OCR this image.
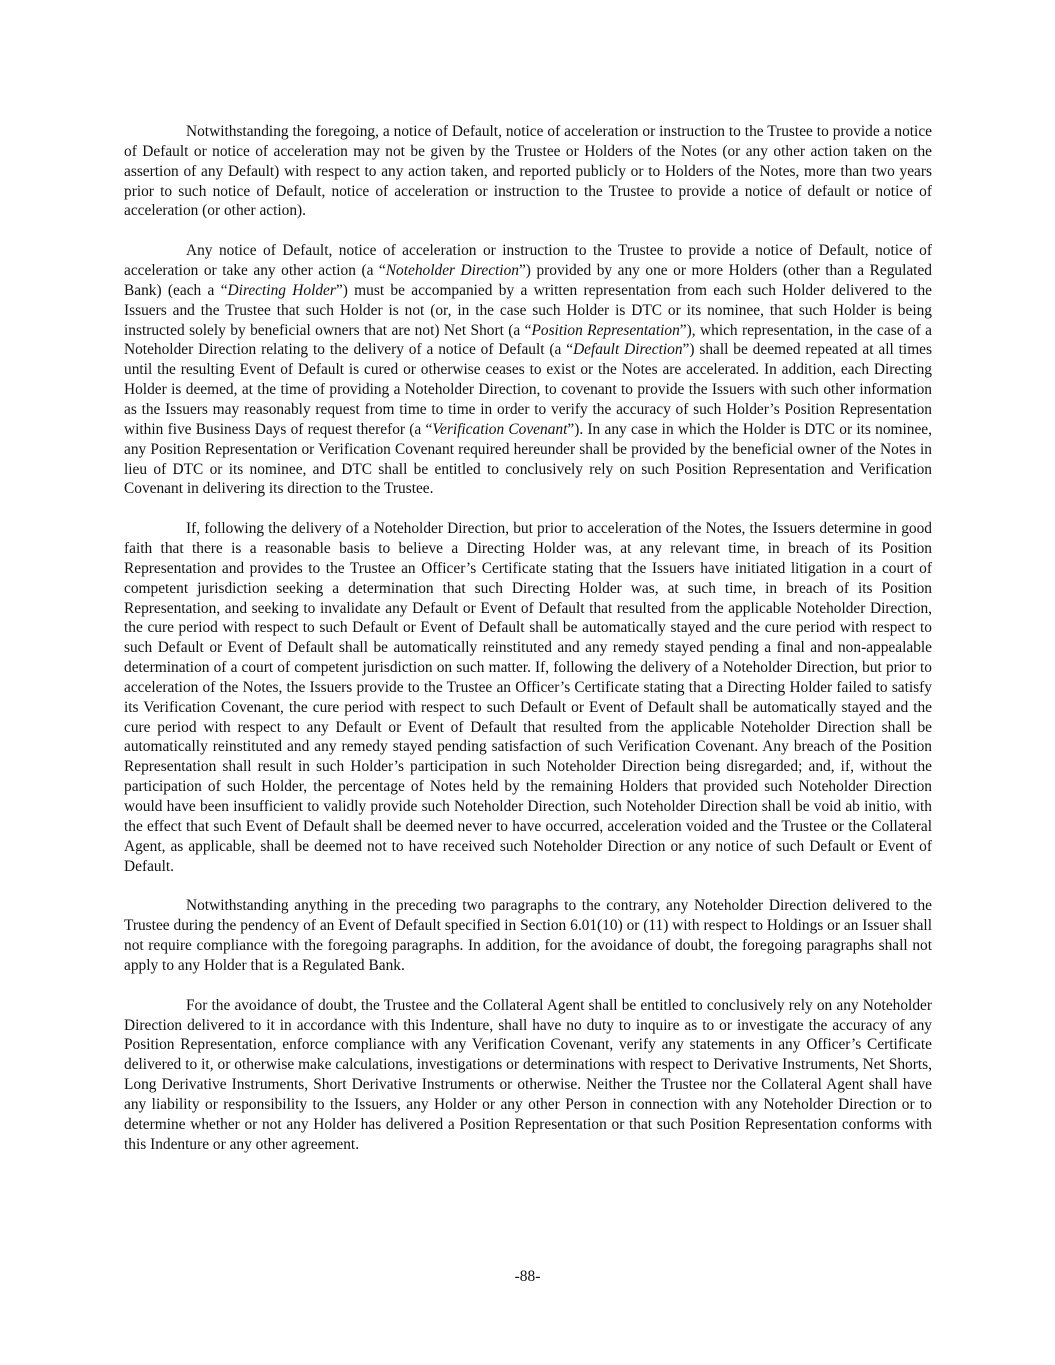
Notwithstanding the foregoing, a notice of Default, notice of acceleration or instruction to the Trustee to provide a notice of Default or notice of acceleration may not be given by the Trustee or Holders of the Notes (or any other action taken on the assertion of any Default) with respect to any action taken, and reported publicly or to Holders of the Notes, more than two years prior to such notice of Default, notice of acceleration or instruction to the Trustee to provide a notice of default or notice of acceleration (or other action).

Any notice of Default, notice of acceleration or instruction to the Trustee to provide a notice of Default, notice of acceleration or take any other action (a “Noteholder Direction”) provided by any one or more Holders (other than a Regulated Bank) (each a “Directing Holder”) must be accompanied by a written representation from each such Holder delivered to the Issuers and the Trustee that such Holder is not (or, in the case such Holder is DTC or its nominee, that such Holder is being instructed solely by beneficial owners that are not) Net Short (a “Position Representation”), which representation, in the case of a Noteholder Direction relating to the delivery of a notice of Default (a “Default Direction”) shall be deemed repeated at all times until the resulting Event of Default is cured or otherwise ceases to exist or the Notes are accelerated. In addition, each Directing Holder is deemed, at the time of providing a Noteholder Direction, to covenant to provide the Issuers with such other information as the Issuers may reasonably request from time to time in order to verify the accuracy of such Holder’s Position Representation within five Business Days of request therefor (a “Verification Covenant”). In any case in which the Holder is DTC or its nominee, any Position Representation or Verification Covenant required hereunder shall be provided by the beneficial owner of the Notes in lieu of DTC or its nominee, and DTC shall be entitled to conclusively rely on such Position Representation and Verification Covenant in delivering its direction to the Trustee.

If, following the delivery of a Noteholder Direction, but prior to acceleration of the Notes, the Issuers determine in good faith that there is a reasonable basis to believe a Directing Holder was, at any relevant time, in breach of its Position Representation and provides to the Trustee an Officer’s Certificate stating that the Issuers have initiated litigation in a court of competent jurisdiction seeking a determination that such Directing Holder was, at such time, in breach of its Position Representation, and seeking to invalidate any Default or Event of Default that resulted from the applicable Noteholder Direction, the cure period with respect to such Default or Event of Default shall be automatically stayed and the cure period with respect to such Default or Event of Default shall be automatically reinstituted and any remedy stayed pending a final and non-appealable determination of a court of competent jurisdiction on such matter. If, following the delivery of a Noteholder Direction, but prior to acceleration of the Notes, the Issuers provide to the Trustee an Officer’s Certificate stating that a Directing Holder failed to satisfy its Verification Covenant, the cure period with respect to such Default or Event of Default shall be automatically stayed and the cure period with respect to any Default or Event of Default that resulted from the applicable Noteholder Direction shall be automatically reinstituted and any remedy stayed pending satisfaction of such Verification Covenant. Any breach of the Position Representation shall result in such Holder’s participation in such Noteholder Direction being disregarded; and, if, without the participation of such Holder, the percentage of Notes held by the remaining Holders that provided such Noteholder Direction would have been insufficient to validly provide such Noteholder Direction, such Noteholder Direction shall be void ab initio, with the effect that such Event of Default shall be deemed never to have occurred, acceleration voided and the Trustee or the Collateral Agent, as applicable, shall be deemed not to have received such Noteholder Direction or any notice of such Default or Event of Default.

Notwithstanding anything in the preceding two paragraphs to the contrary, any Noteholder Direction delivered to the Trustee during the pendency of an Event of Default specified in Section 6.01(10) or (11) with respect to Holdings or an Issuer shall not require compliance with the foregoing paragraphs. In addition, for the avoidance of doubt, the foregoing paragraphs shall not apply to any Holder that is a Regulated Bank.

For the avoidance of doubt, the Trustee and the Collateral Agent shall be entitled to conclusively rely on any Noteholder Direction delivered to it in accordance with this Indenture, shall have no duty to inquire as to or investigate the accuracy of any Position Representation, enforce compliance with any Verification Covenant, verify any statements in any Officer’s Certificate delivered to it, or otherwise make calculations, investigations or determinations with respect to Derivative Instruments, Net Shorts, Long Derivative Instruments, Short Derivative Instruments or otherwise. Neither the Trustee nor the Collateral Agent shall have any liability or responsibility to the Issuers, any Holder or any other Person in connection with any Noteholder Direction or to determine whether or not any Holder has delivered a Position Representation or that such Position Representation conforms with this Indenture or any other agreement.

-88-
